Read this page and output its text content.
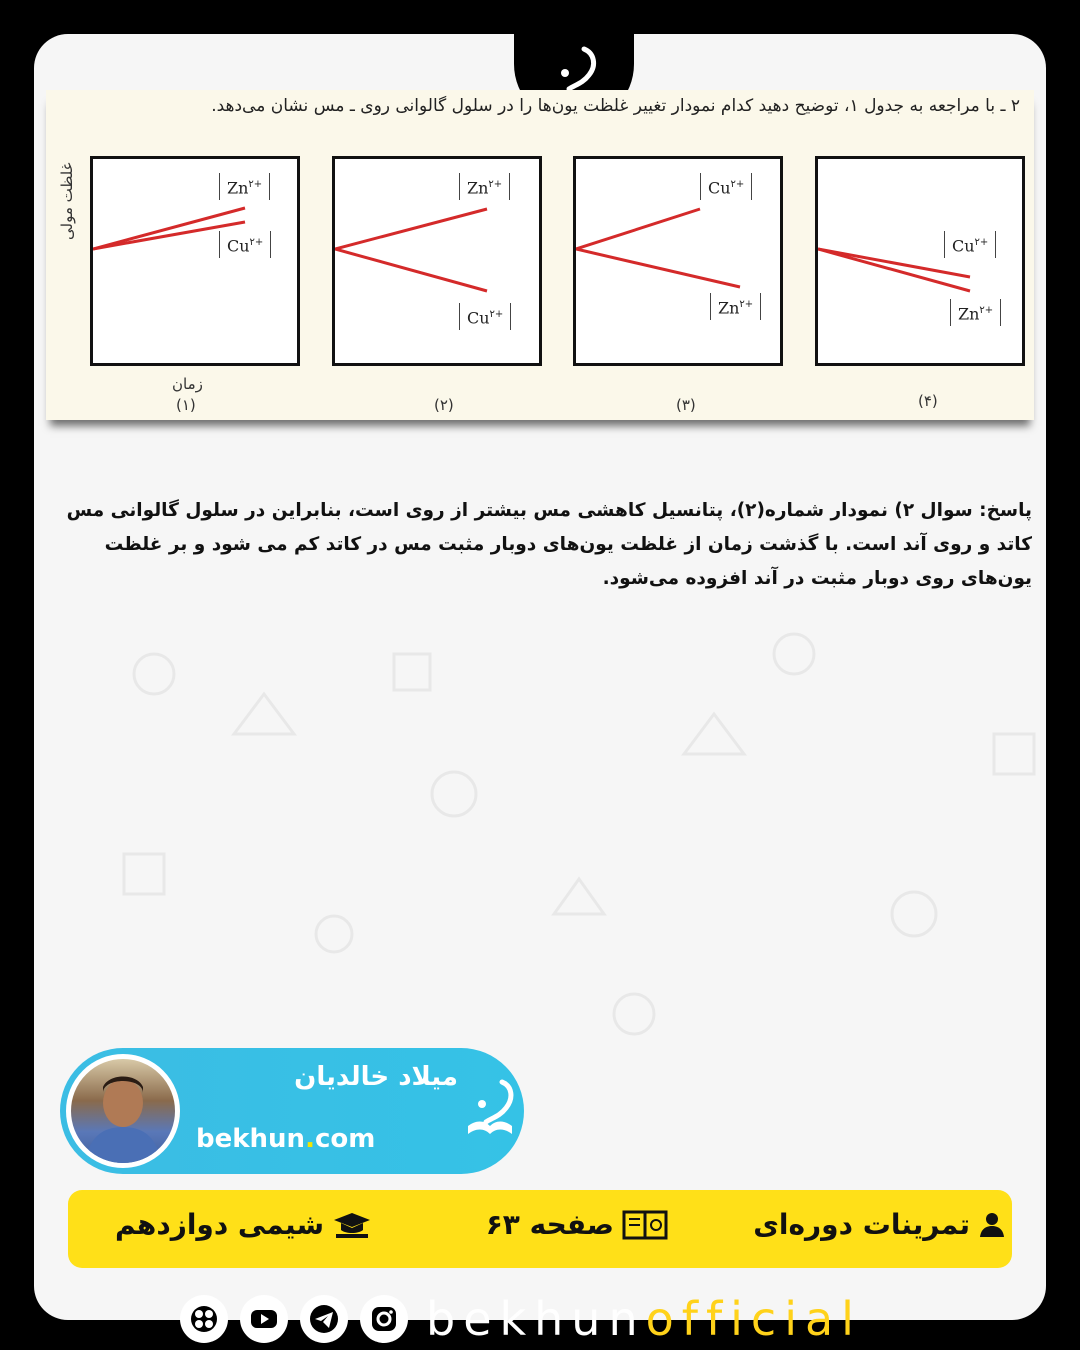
۲ ـ با مراجعه به جدول ۱، توضیح دهید کدام نمودار تغییر غلظت یون‌ها را در سلول گالوانی روی ـ مس نشان می‌دهد.
غلظت مولی	$Zn^{۲+}$
$Cu^{۲+}$
$Zn^{۲+}$
$Cu^{۲+}$
$Cu^{۲+}$
$Zn^{۲+}$
$Cu^{۲+}$
$Zn^{۲+}$
زمان
(۱)	(۲)	(۳)	(۴)
پاسخ: سوال ۲) نمودار شماره(۲)، پتانسیل کاهشی مس بیشتر از روی است، بنابراین در سلول گالوانی مس کاتد و روی آند است. با گذشت زمان از غلظت یون‌های دوبار مثبت مس در کاتد کم می شود و بر غلظت یون‌های روی دوبار مثبت در آند افزوده می‌شود.
میلاد خالدیان
bekhun.com
تمرینات دوره‌ای
صفحه ۶۳
شیمی دوازدهم
bekhunofficial
